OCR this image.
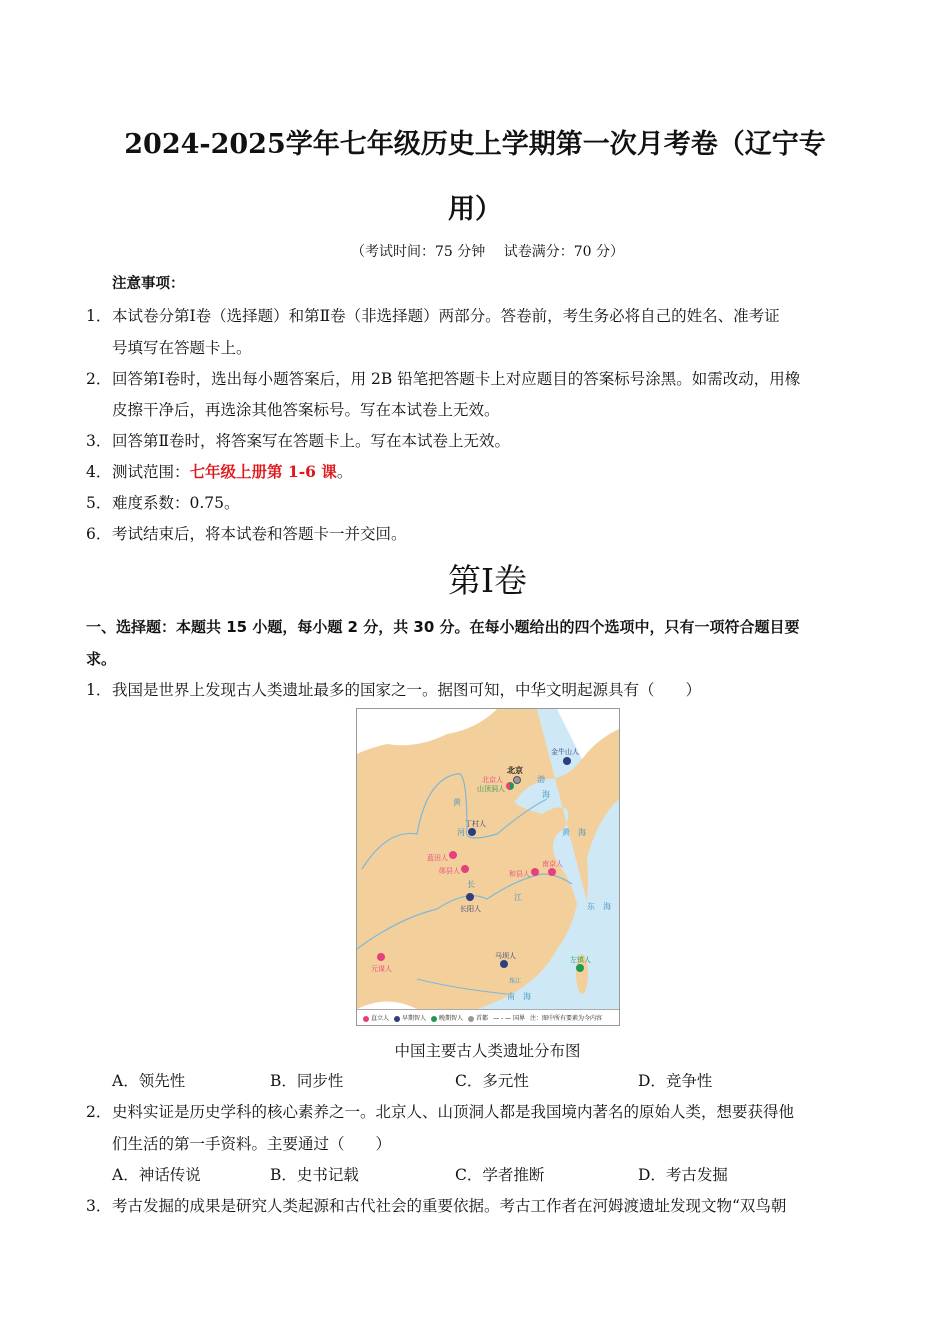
2024-2025学年七年级历史上学期第一次月考卷（辽宁专
用）
（考试时间：75 分钟　 试卷满分：70 分）
注意事项：
1． 本试卷分第Ⅰ卷（选择题）和第Ⅱ卷（非选择题）两部分。答卷前，考生务必将自己的姓名、准考证
号填写在答题卡上。
2． 回答第Ⅰ卷时，选出每小题答案后，用 2B 铅笔把答题卡上对应题目的答案标号涂黑。如需改动，用橡
皮擦干净后，再选涂其他答案标号。写在本试卷上无效。
3． 回答第Ⅱ卷时，将答案写在答题卡上。写在本试卷上无效。
4． 测试范围：七年级上册第 1-6 课。
5． 难度系数：0.75。
6． 考试结束后，将本试卷和答题卡一并交回。
第Ⅰ卷
一、选择题：本题共 15 小题，每小题 2 分，共 30 分。在每小题给出的四个选项中，只有一项符合题目要
求。
1． 我国是世界上发现古人类遗址最多的国家之一。据图可知，中华文明起源具有（　　）
金牛山人
北京
北京人
山顶洞人
渤
海
黄　海
东　海
南　海
黄
河
长
江
珠江
丁村人
蓝田人
郧县人	和县人
南京人
长阳人
元谋人
马坝人	左镇人
直立人	早期智人	晚期智人	首都 — - — 国界 注：图中所有要素为今内容
中国主要古人类遗址分布图
A．领先性	B．同步性	C．多元性	D．竞争性
2． 史料实证是历史学科的核心素养之一。北京人、山顶洞人都是我国境内著名的原始人类，想要获得他
们生活的第一手资料。主要通过（　　）
A．神话传说	B．史书记载	C．学者推断	D．考古发掘
3． 考古发掘的成果是研究人类起源和古代社会的重要依据。考古工作者在河姆渡遗址发现文物“双鸟朝
